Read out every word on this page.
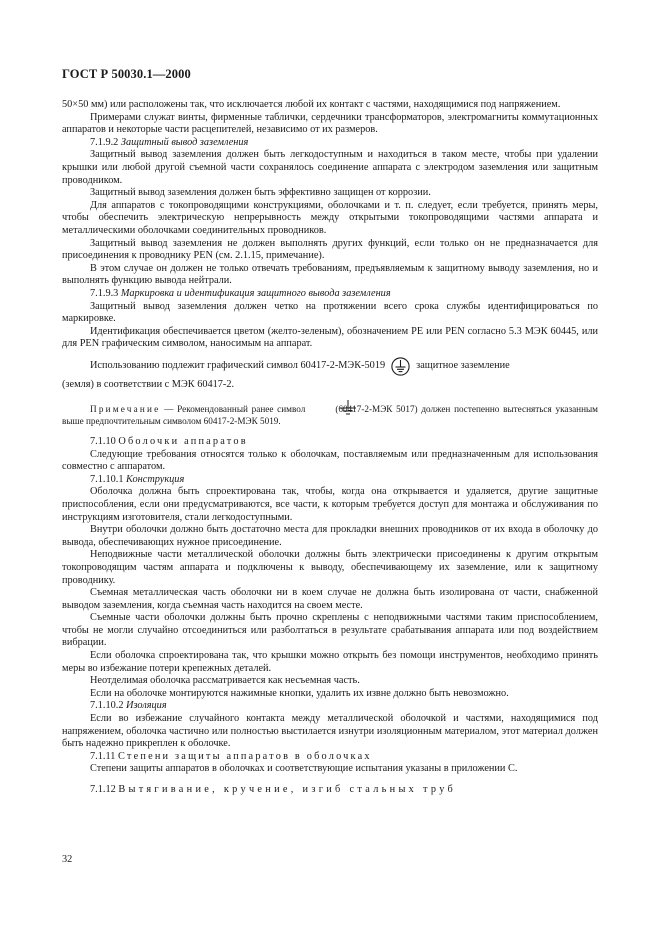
ГОСТ Р 50030.1—2000

50×50 мм) или расположены так, что исключается любой их контакт с частями, находящимися под напряжением.

Примерами служат винты, фирменные таблички, сердечники трансформаторов, электромагниты коммутационных аппаратов и некоторые части расцепителей, независимо от их размеров.

7.1.9.2 Защитный вывод заземления

Защитный вывод заземления должен быть легкодоступным и находиться в таком месте, чтобы при удалении крышки или любой другой съемной части сохранялось соединение аппарата с электродом заземления или защитным проводником.

Защитный вывод заземления должен быть эффективно защищен от коррозии.

Для аппаратов с токопроводящими конструкциями, оболочками и т. п. следует, если требуется, принять меры, чтобы обеспечить электрическую непрерывность между открытыми токопроводящими частями аппарата и металлическими оболочками соединительных проводников.

Защитный вывод заземления не должен выполнять других функций, если только он не предназначается для присоединения к проводнику PEN (см. 2.1.15, примечание).

В этом случае он должен не только отвечать требованиям, предъявляемым к защитному выводу заземления, но и выполнять функцию вывода нейтрали.

7.1.9.3 Маркировка и идентификация защитного вывода заземления

Защитный вывод заземления должен четко на протяжении всего срока службы идентифицироваться по маркировке.

Идентификация обеспечивается цветом (желто-зеленым), обозначением PE или PEN согласно 5.3 МЭК 60445, или для PEN графическим символом, наносимым на аппарат.

Использованию подлежит графический символ 60417-2-МЭК-5019	защитное заземление

(земля) в соответствии с МЭК 60417-2.

Примечание — Рекомендованный ранее символ	(60417-2-МЭК 5017) должен постепенно вытесняться указанным выше предпочтительным символом 60417-2-МЭК 5019.

7.1.10 Оболочки аппаратов

Следующие требования относятся только к оболочкам, поставляемым или предназначенным для использования совместно с аппаратом.

7.1.10.1 Конструкция

Оболочка должна быть спроектирована так, чтобы, когда она открывается и удаляется, другие защитные приспособления, если они предусматриваются, все части, к которым требуется доступ для монтажа и обслуживания по инструкциям изготовителя, стали легкодоступными.

Внутри оболочки должно быть достаточно места для прокладки внешних проводников от их входа в оболочку до вывода, обеспечивающих нужное присоединение.

Неподвижные части металлической оболочки должны быть электрически присоединены к другим открытым токопроводящим частям аппарата и подключены к выводу, обеспечивающему их заземление, или к защитному проводнику.

Съемная металлическая часть оболочки ни в коем случае не должна быть изолирована от части, снабженной выводом заземления, когда съемная часть находится на своем месте.

Съемные части оболочки должны быть прочно скреплены с неподвижными частями таким приспособлением, чтобы не могли случайно отсоединиться или разболтаться в результате срабатывания аппарата или под воздействием вибрации.

Если оболочка спроектирована так, что крышки можно открыть без помощи инструментов, необходимо принять меры во избежание потери крепежных деталей.

Неотделимая оболочка рассматривается как несъемная часть.

Если на оболочке монтируются нажимные кнопки, удалить их извне должно быть невозможно.

7.1.10.2 Изоляция

Если во избежание случайного контакта между металлической оболочкой и частями, находящимися под напряжением, оболочка частично или полностью выстилается изнутри изоляционным материалом, этот материал должен быть надежно прикреплен к оболочке.

7.1.11 Степени защиты аппаратов в оболочках

Степени защиты аппаратов в оболочках и соответствующие испытания указаны в приложении С.

7.1.12 Вытягивание, кручение, изгиб стальных труб

32
